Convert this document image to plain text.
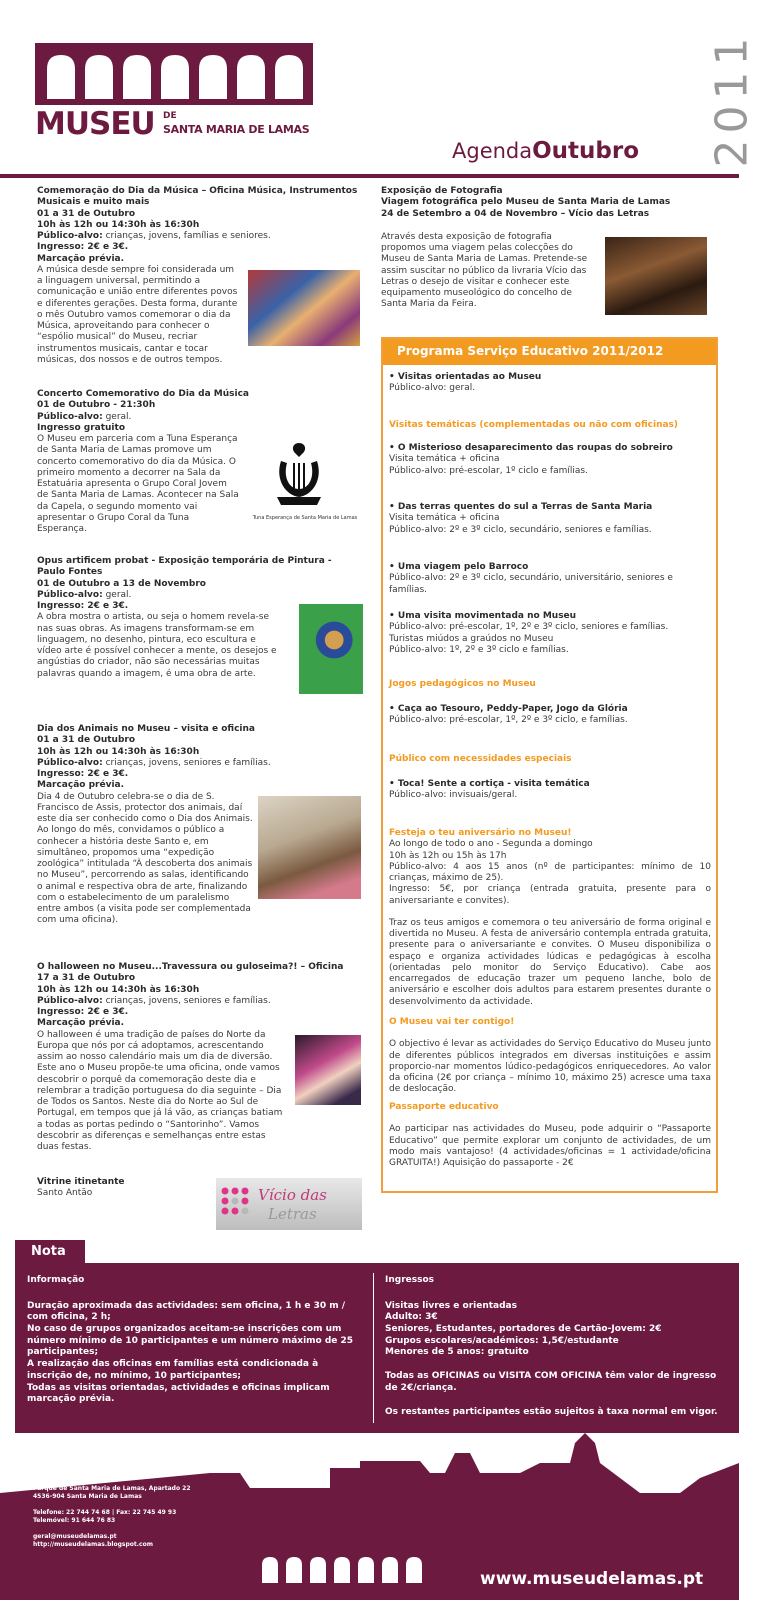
MUSEU DE
SANTA MARIA DE LAMAS
AgendaOutubro 2011
Comemoração do Dia da Música – Oficina Música, Instrumentos Musicais e muito mais
01 a 31 de Outubro
10h às 12h ou 14:30h às 16:30h
Público-alvo: crianças, jovens, famílias e seniores.
Ingresso: 2€ e 3€.
Marcação prévia.
A música desde sempre foi considerada um a linguagem universal, permitindo a comunicação e união entre diferentes povos e diferentes gerações. Desta forma, durante o mês Outubro vamos comemorar o dia da Música, aproveitando para conhecer o “espólio musical” do Museu, recriar instrumentos musicais, cantar e tocar músicas, dos nossos e de outros tempos.
Concerto Comemorativo do Dia da Música
01 de Outubro - 21:30h
Público-alvo: geral.
Ingresso gratuito
O Museu em parceria com a Tuna Esperança de Santa Maria de Lamas promove um concerto comemorativo do dia da Música. O primeiro momento a decorrer na Sala da Estatuária apresenta o Grupo Coral Jovem de Santa Maria de Lamas. Acontecer na Sala da Capela, o segundo momento vai apresentar o Grupo Coral da Tuna Esperança.
Tuna Esperança de Santa Maria de Lamas
Opus artificem probat - Exposição temporária de Pintura - Paulo Fontes
01 de Outubro a 13 de Novembro
Público-alvo: geral.
Ingresso: 2€ e 3€.
A obra mostra o artista, ou seja o homem revela-se nas suas obras. As imagens transformam-se em linguagem, no desenho, pintura, eco escultura e vídeo arte é possível conhecer a mente, os desejos e angústias do criador, não são necessárias muitas palavras quando a imagem, é uma obra de arte.
Dia dos Animais no Museu – visita e oficina
01 a 31 de Outubro
10h às 12h ou 14:30h às 16:30h
Público-alvo: crianças, jovens, seniores e famílias.
Ingresso: 2€ e 3€.
Marcação prévia.
Dia 4 de Outubro celebra-se o dia de S. Francisco de Assis, protector dos animais, daí este dia ser conhecido como o Dia dos Animais. Ao longo do mês, convidamos o público a conhecer a história deste Santo e, em simultâneo, propomos uma “expedição zoológica” intitulada “À descoberta dos animais no Museu”, percorrendo as salas, identificando o animal e respectiva obra de arte, finalizando com o estabelecimento de um paralelismo entre ambos (a visita pode ser complementada com uma oficina).
O halloween no Museu...Travessura ou guloseima?! – Oficina
17 a 31 de Outubro
10h às 12h ou 14:30h às 16:30h
Público-alvo: crianças, jovens, seniores e famílias.
Ingresso: 2€ e 3€.
Marcação prévia.
O halloween é uma tradição de países do Norte da Europa que nós por cá adoptamos, acrescentando assim ao nosso calendário mais um dia de diversão. Este ano o Museu propõe-te uma oficina, onde vamos descobrir o porquê da comemoração deste dia e relembrar a tradição portuguesa do dia seguinte – Dia de Todos os Santos. Neste dia do Norte ao Sul de Portugal, em tempos que já lá vão, as crianças batiam a todas as portas pedindo o “Santorinho”. Vamos descobrir as diferenças e semelhanças entre estas duas festas.
Vitrine itinetante
Santo Antão	Vício das
Letras
Exposição de Fotografia
Viagem fotográfica pelo Museu de Santa Maria de Lamas
24 de Setembro a 04 de Novembro – Vício das Letras
Através desta exposição de fotografia propomos uma viagem pelas colecções do Museu de Santa Maria de Lamas. Pretende-se assim suscitar no público da livraria Vício das Letras o desejo de visitar e conhecer este equipamento museológico do concelho de Santa Maria da Feira.
Programa Serviço Educativo 2011/2012
• Visitas orientadas ao Museu
Público-alvo: geral.
Visitas temáticas (complementadas ou não com oficinas)
• O Misterioso desaparecimento das roupas do sobreiro
Visita temática + oficina
Público-alvo: pré-escolar, 1º ciclo e famílias.
• Das terras quentes do sul a Terras de Santa Maria
Visita temática + oficina
Público-alvo: 2º e 3º ciclo, secundário, seniores e famílias.
• Uma viagem pelo Barroco
Público-alvo: 2º e 3º ciclo, secundário, universitário, seniores e famílias.
• Uma visita movimentada no Museu
Público-alvo: pré-escolar, 1º, 2º e 3º ciclo, seniores e famílias.
Turistas miúdos a graúdos no Museu
Público-alvo: 1º, 2º e 3º ciclo e famílias.
Jogos pedagógicos no Museu
• Caça ao Tesouro, Peddy-Paper, Jogo da Glória
Público-alvo: pré-escolar, 1º, 2º e 3º ciclo, e famílias.
Público com necessidades especiais
• Toca! Sente a cortiça - visita temática
Público-alvo: invisuais/geral.
Festeja o teu aniversário no Museu!
Ao longo de todo o ano - Segunda a domingo
10h às 12h ou 15h às 17h
Público-alvo: 4 aos 15 anos (nº de participantes: mínimo de 10 crianças, máximo de 25).
Ingresso: 5€, por criança (entrada gratuita, presente para o aniversariante e convites).
Traz os teus amigos e comemora o teu aniversário de forma original e divertida no Museu. A festa de aniversário contempla entrada gratuita, presente para o aniversariante e convites. O Museu disponibiliza o espaço e organiza actividades lúdicas e pedagógicas à escolha (orientadas pelo monitor do Serviço Educativo). Cabe aos encarregados de educação trazer um pequeno lanche, bolo de aniversário e escolher dois adultos para estarem presentes durante o desenvolvimento da actividade.
O Museu vai ter contigo!
O objectivo é levar as actividades do Serviço Educativo do Museu junto de diferentes públicos integrados em diversas instituições e assim proporcio-nar momentos lúdico-pedagógicos enriquecedores. Ao valor da oficina (2€ por criança – mínimo 10, máximo 25) acresce uma taxa de deslocação.
Passaporte educativo
Ao participar nas actividades do Museu, pode adquirir o “Passaporte Educativo” que permite explorar um conjunto de actividades, de um modo mais vantajoso! (4 actividades/oficinas = 1 actividade/oficina GRATUITA!) Aquisição do passaporte - 2€
Nota
Informação
Duração aproximada das actividades: sem oficina, 1 h e 30 m / com oficina, 2 h;
No caso de grupos organizados aceitam-se inscrições com um número mínimo de 10 participantes e um número máximo de 25 participantes;
A realização das oficinas em famílias está condicionada à inscrição de, no mínimo, 10 participantes;
Todas as visitas orientadas, actividades e oficinas implicam marcação prévia.
Ingressos
Visitas livres e orientadas
Adulto: 3€
Seniores, Estudantes, portadores de Cartão-Jovem: 2€
Grupos escolares/académicos: 1,5€/estudante
Menores de 5 anos: gratuito
Todas as OFICINAS ou VISITA COM OFICINA têm valor de ingresso de 2€/criança.
Os restantes participantes estão sujeitos à taxa normal em vigor.
Parque de Santa Maria de Lamas, Apartado 22
4536-904 Santa Maria de Lamas
Telefone: 22 744 74 68 | Fax: 22 745 49 93
Telemóvel: 91 644 76 83
geral@museudelamas.pt
http://museudelamas.blogspot.com
www.museudelamas.pt
